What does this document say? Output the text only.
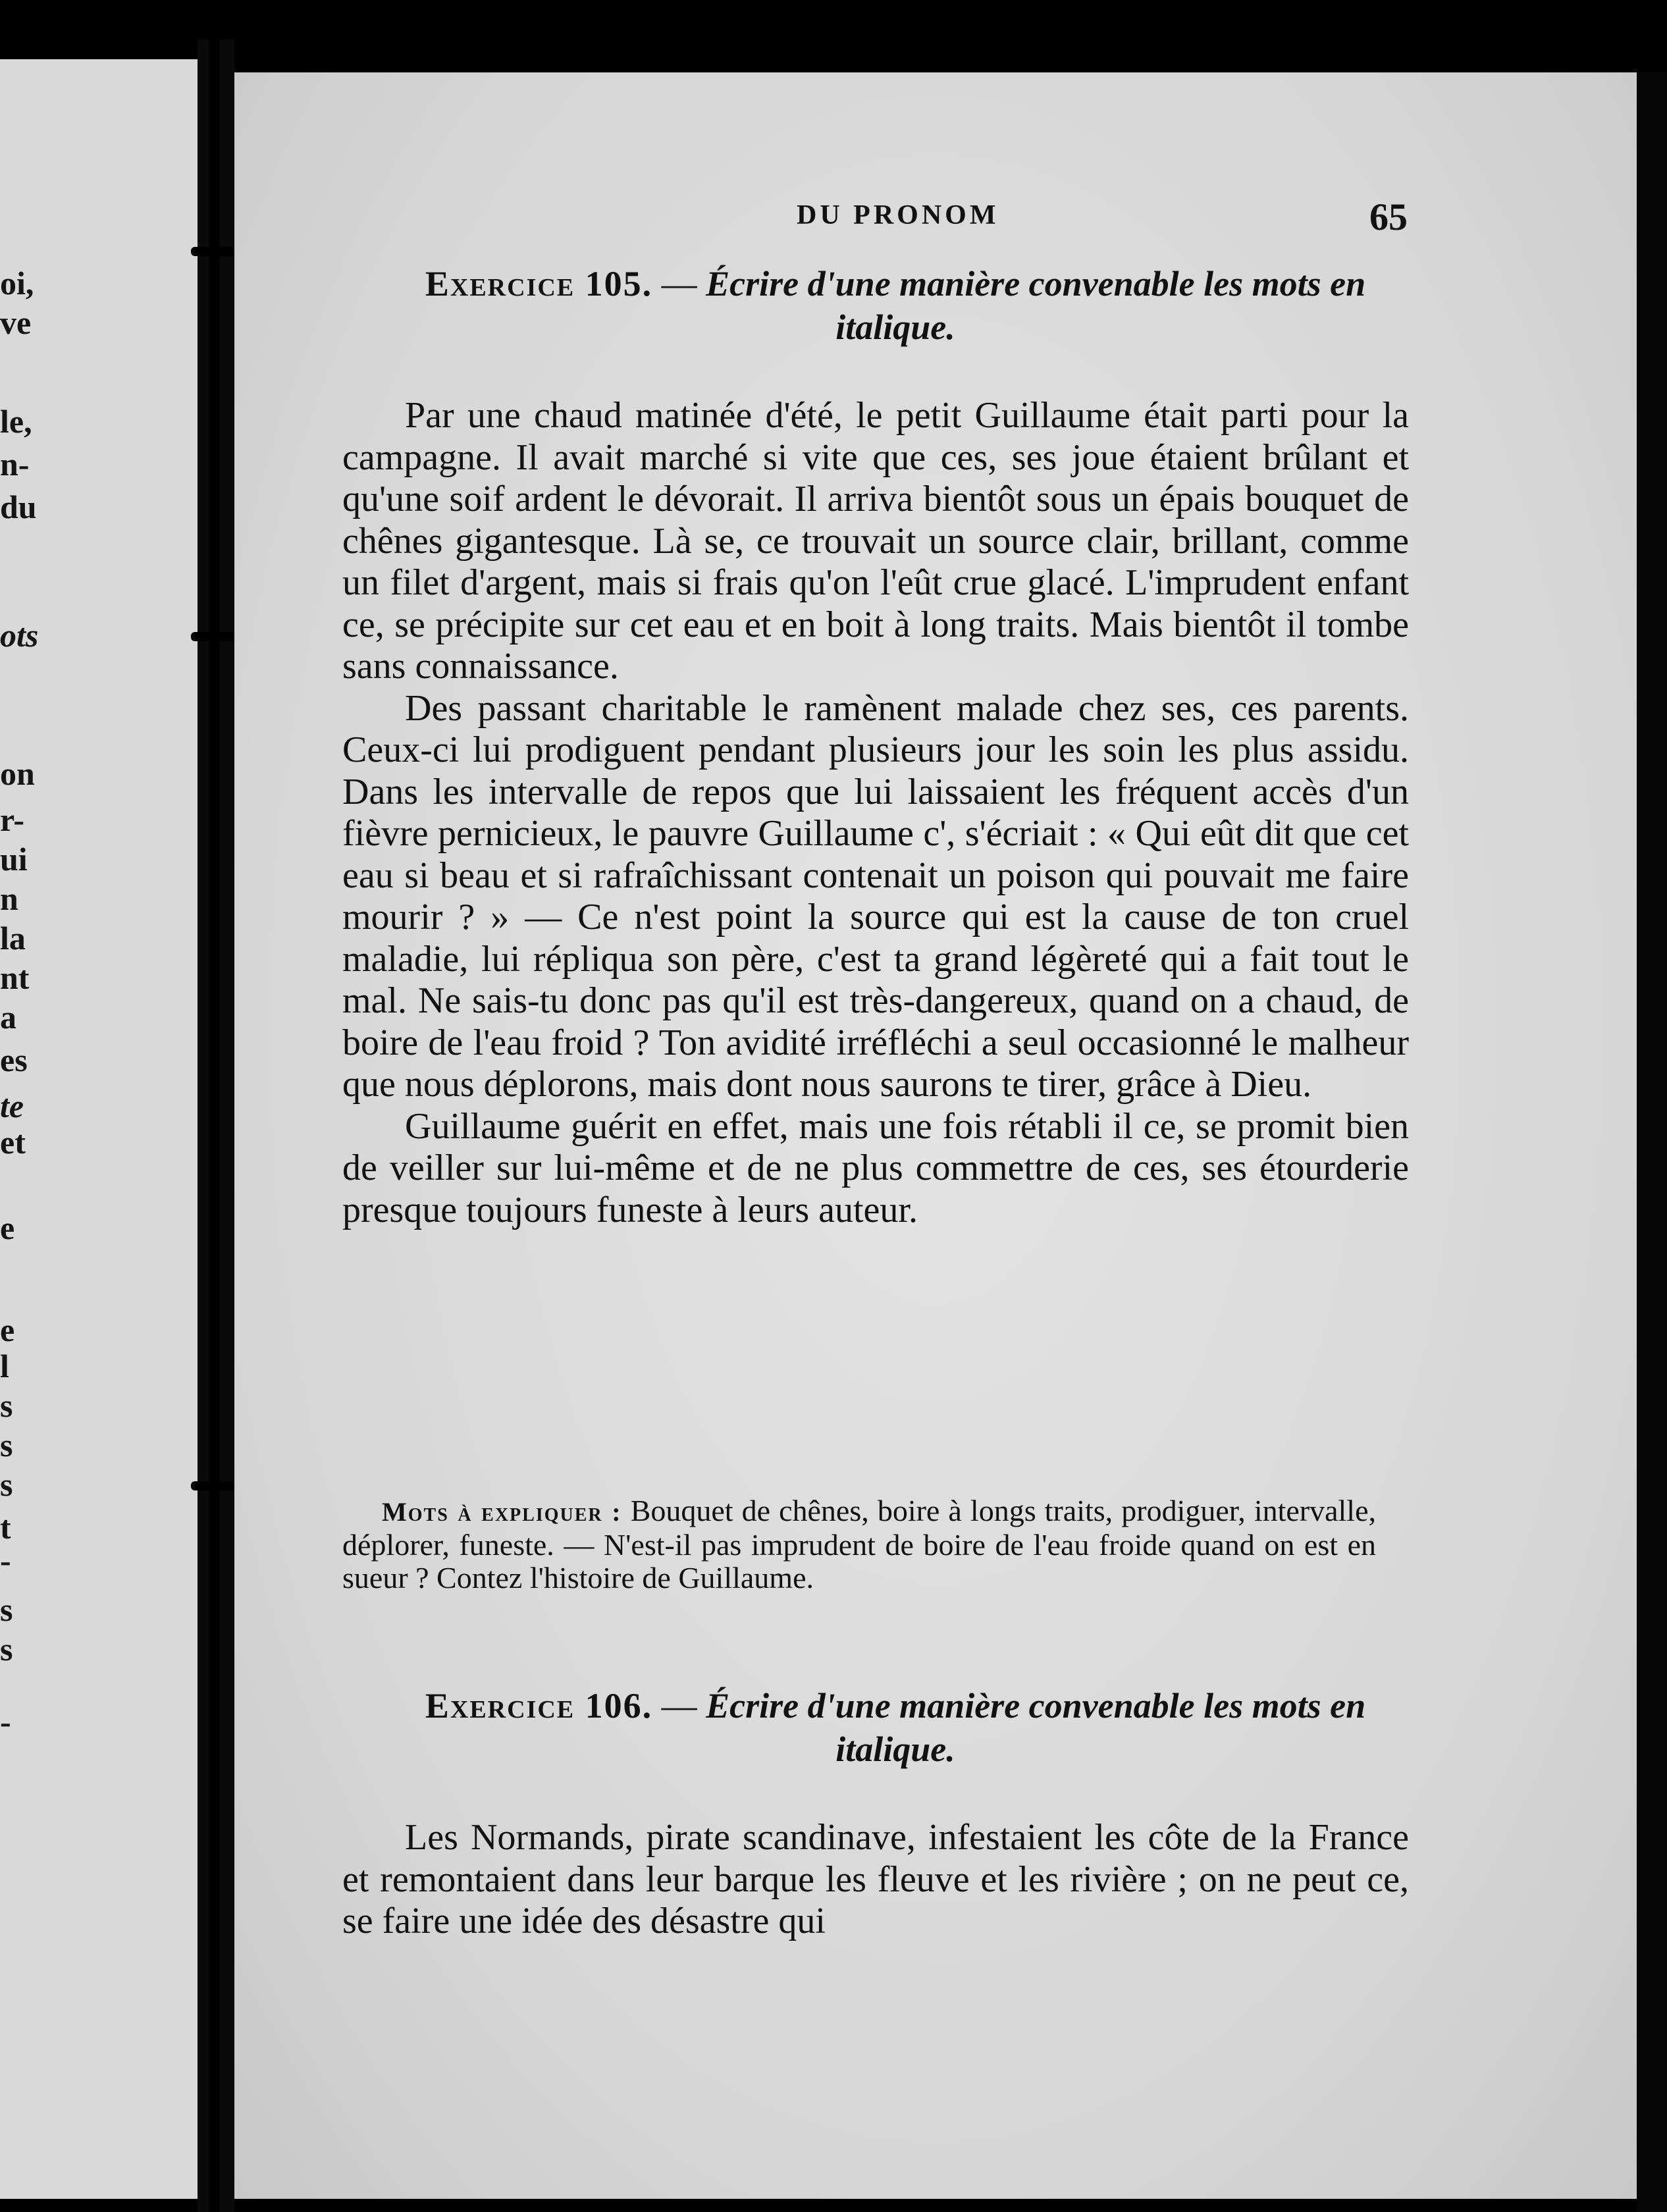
oi,
ve
le,
n-
du
ots
on
r-
ui
n
la
nt
a
es
te
et
e
e
l
s
s
s
t
-
s
s
-
DU PRONOM	65
Exercice 105. — Écrire d'une manière convenable les mots en italique.

Par une chaud matinée d'été, le petit Guillaume était parti pour la campagne. Il avait marché si vite que ces, ses joue étaient brûlant et qu'une soif ardent le dévorait. Il arriva bientôt sous un épais bouquet de chênes gigantesque. Là se, ce trouvait un source clair, brillant, comme un filet d'argent, mais si frais qu'on l'eût crue glacé. L'imprudent enfant ce, se précipite sur cet eau et en boit à long traits. Mais bientôt il tombe sans connaissance.

Des passant charitable le ramènent malade chez ses, ces parents. Ceux-ci lui prodiguent pendant plusieurs jour les soin les plus assidu. Dans les intervalle de repos que lui laissaient les fréquent accès d'un fièvre pernicieux, le pauvre Guillaume c', s'écriait : « Qui eût dit que cet eau si beau et si rafraîchissant contenait un poison qui pouvait me faire mourir ? » — Ce n'est point la source qui est la cause de ton cruel maladie, lui répliqua son père, c'est ta grand légèreté qui a fait tout le mal. Ne sais-tu donc pas qu'il est très-dangereux, quand on a chaud, de boire de l'eau froid ? Ton avidité irréfléchi a seul occasionné le malheur que nous déplorons, mais dont nous saurons te tirer, grâce à Dieu.

Guillaume guérit en effet, mais une fois rétabli il ce, se promit bien de veiller sur lui-même et de ne plus commettre de ces, ses étourderie presque toujours funeste à leurs auteur.

Mots à expliquer : Bouquet de chênes, boire à longs traits, prodiguer, intervalle, déplorer, funeste. — N'est-il pas imprudent de boire de l'eau froide quand on est en sueur ? Contez l'histoire de Guillaume.
Exercice 106. — Écrire d'une manière convenable les mots en italique.

Les Normands, pirate scandinave, infestaient les côte de la France et remontaient dans leur barque les fleuve et les rivière ; on ne peut ce, se faire une idée des désastre qui
